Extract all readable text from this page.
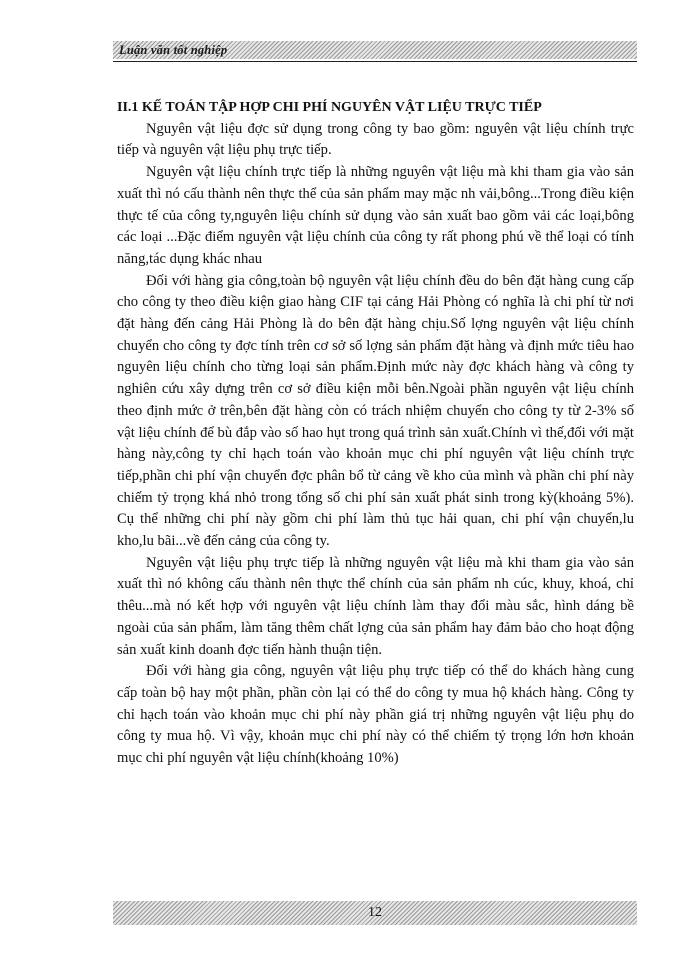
Luận văn tốt nghiệp

II.1 KẾ TOÁN TẬP HỢP CHI PHÍ NGUYÊN VẬT LIỆU TRỰC TIẾP

Nguyên vật liệu đợc sử dụng trong công ty bao gồm: nguyên vật liệu chính trực tiếp và nguyên vật liệu phụ trực tiếp.

Nguyên vật liệu chính trực tiếp là những nguyên vật liệu mà khi tham gia vào sản xuất thì nó cấu thành nên thực thể của sản phẩm may mặc nh vải,bông...Trong điều kiện thực tế của công ty,nguyên liệu chính sử dụng vào sản xuất bao gồm vải các loại,bông các loại ...Đặc điểm nguyên vật liệu chính của công ty rất phong phú về thể loại có tính năng,tác dụng khác nhau

Đối với hàng gia công,toàn bộ nguyên vật liệu chính đều do bên đặt hàng cung cấp cho công ty theo điều kiện giao hàng CIF tại cảng Hải Phòng có nghĩa là chi phí từ nơi đặt hàng đến cảng Hải Phòng là do bên đặt hàng chịu.Số lợng nguyên vật liệu chính chuyển cho công ty đợc tính trên cơ sở số lợng sản phẩm đặt hàng và định mức tiêu hao nguyên liệu chính cho từng loại sản phẩm.Định mức này đợc khách hàng và công ty nghiên cứu xây dựng trên cơ sở điều kiện mỗi bên.Ngoài phần nguyên vật liệu chính theo định mức ở trên,bên đặt hàng còn có trách nhiệm chuyển cho công ty từ 2-3% số vật liệu chính để bù đắp vào số hao hụt trong quá trình sản xuất.Chính vì thế,đối với mặt hàng này,công ty chỉ hạch toán vào khoản mục chi phí nguyên vật liệu chính trực tiếp,phần chi phí vận chuyển đợc phân bổ từ cảng về kho của mình và phần chi phí này chiếm tỷ trọng khá nhỏ trong tổng số chi phí sản xuất phát sinh trong kỳ(khoảng 5%). Cụ thể những chi phí này gồm chi phí làm thủ tục hải quan, chi phí vận chuyển,lu kho,lu bãi...về đến cảng của công ty.

Nguyên vật liệu phụ trực tiếp là những nguyên vật liệu mà khi tham gia vào sản xuất thì nó không cấu thành nên thực thể chính của sản phẩm nh cúc, khuy, khoá, chỉ thêu...mà nó kết hợp với nguyên vật liệu chính làm thay đổi màu sắc, hình dáng bề ngoài của sản phẩm, làm tăng thêm chất lợng của sản phẩm hay đảm bảo cho hoạt động sản xuất kinh doanh đợc tiến hành thuận tiện.

Đối với hàng gia công, nguyên vật liệu phụ trực tiếp có thể do khách hàng cung cấp toàn bộ hay một phần, phần còn lại có thể do công ty mua hộ khách hàng. Công ty chỉ hạch toán vào khoản mục chi phí này phần giá trị những nguyên vật liệu phụ do công ty mua hộ. Vì vậy, khoản mục chi phí này có thể chiếm tỷ trọng lớn hơn khoản mục chi phí nguyên vật liệu chính(khoảng 10%)

12
